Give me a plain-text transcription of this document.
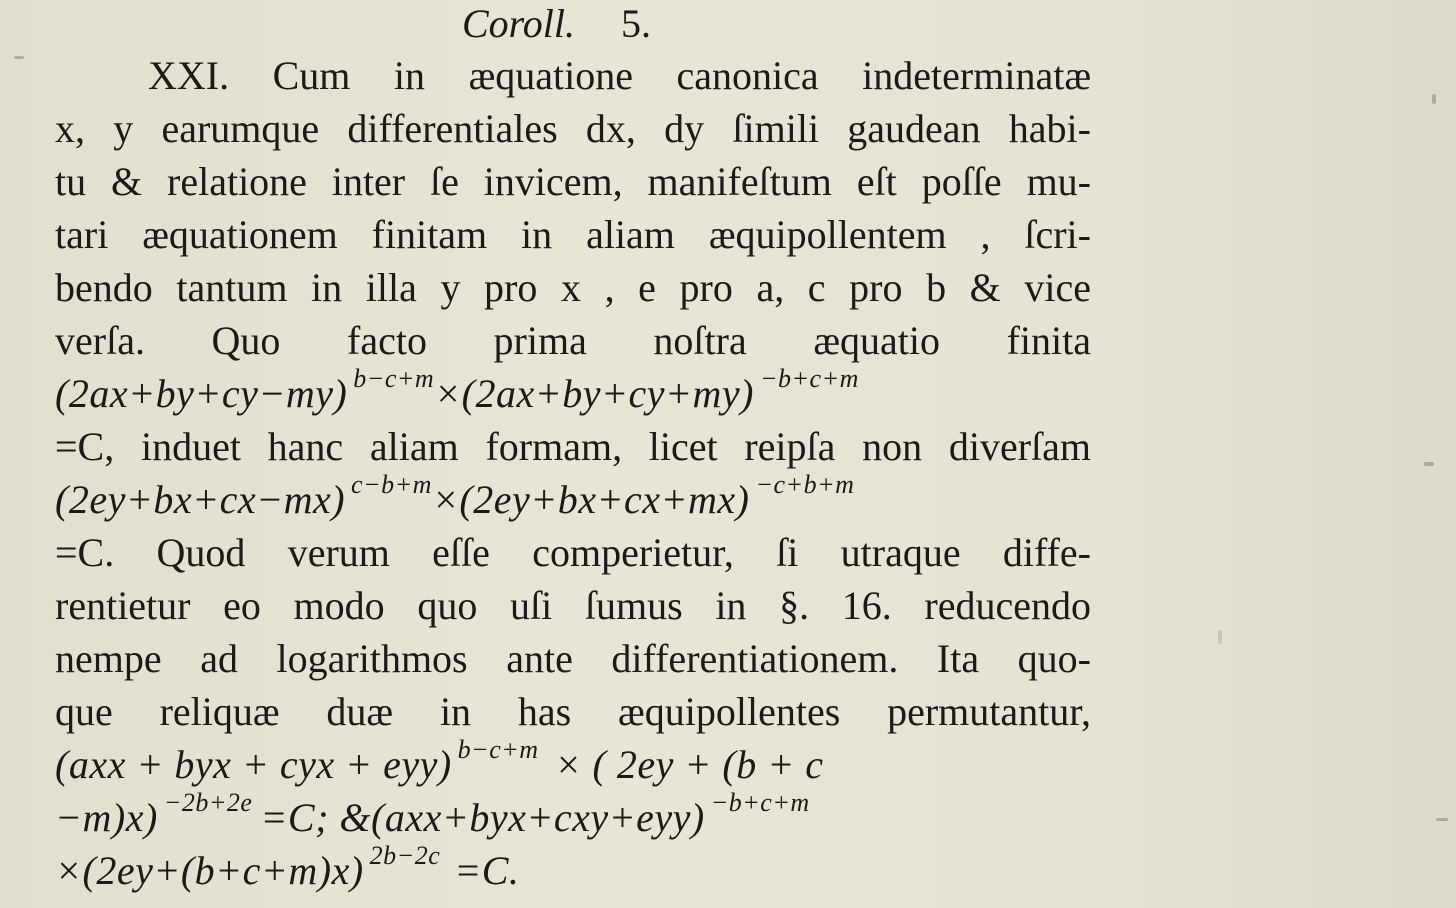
Coroll. 5.
XXI. Cum in æquatione canonica indeterminatæ
x, y earumque differentiales dx, dy ſimili gaudean habi-
tu & relatione inter ſe invicem, manifeſtum eſt poſſe mu-
tari æquationem finitam in aliam æquipollentem , ſcri-
bendo tantum in illa y pro x , e pro a, c pro b & vice
verſa. Quo facto prima noſtra æquatio finita
(2ax+by+cy−my) $^{b-c+m}$×(2ax+by+cy+my) $^{-b+c+m}$
=C, induet hanc aliam formam, licet reipſa non diverſam
(2ey+bx+cx−mx) $^{c-b+m}$×(2ey+bx+cx+mx) $^{-c+b+m}$
=C. Quod verum eſſe comperietur, ſi utraque diffe-
rentietur eo modo quo uſi ſumus in §. 16. reducendo
nempe ad logarithmos ante differentiationem. Ita quo-
que reliquæ duæ in has æquipollentes permutantur,
(axx + byx + cyx + eyy) $^{b-c+m}$ × ( 2ey + (b + c
−m)x) $^{-2b+2e}$ =C; &(axx+byx+cxy+eyy) $^{-b+c+m}$
×(2ey+(b+c+m)x) $^{2b-2c}$ =C.
